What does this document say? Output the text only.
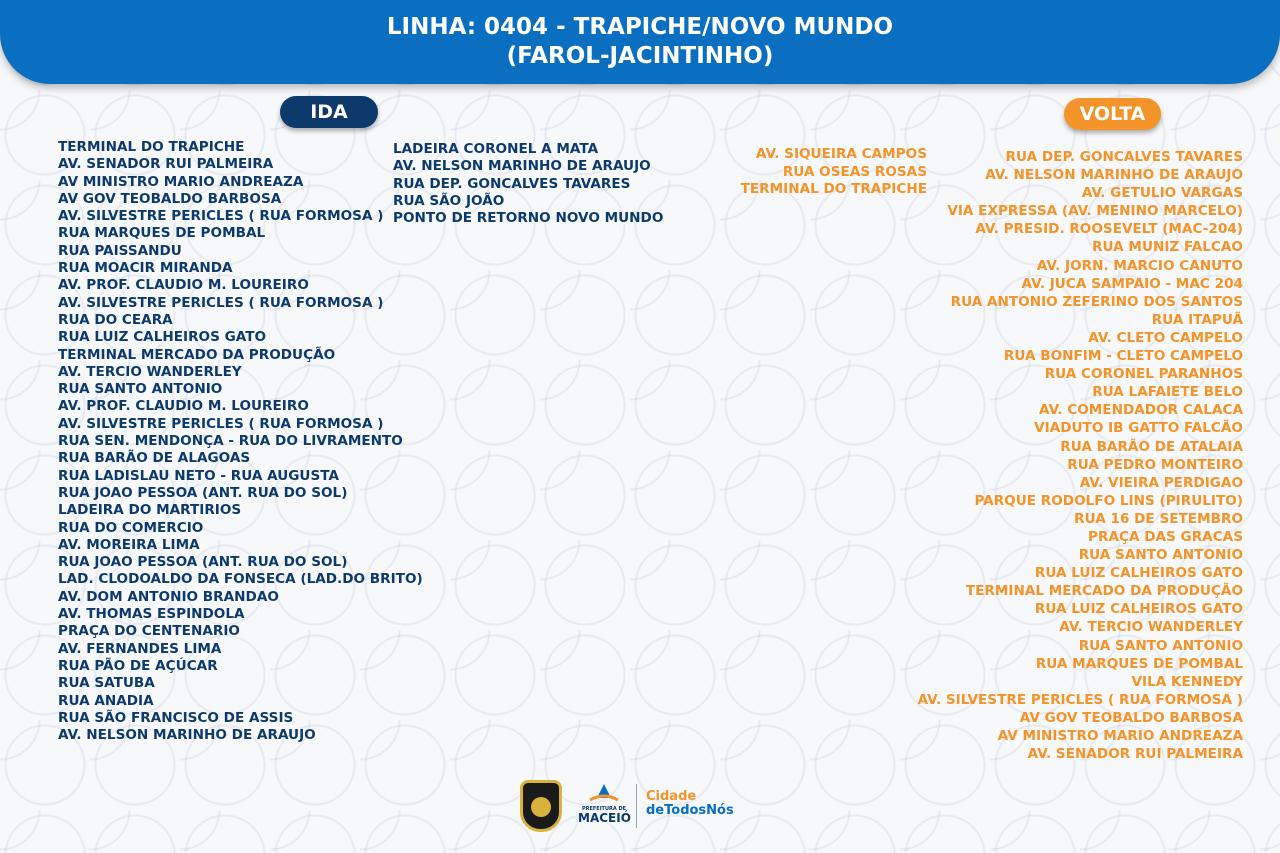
LINHA: 0404 - TRAPICHE/NOVO MUNDO
(FAROL-JACINTINHO)
IDA	VOLTA
TERMINAL DO TRAPICHE
AV. SENADOR RUI PALMEIRA
AV MINISTRO MARIO ANDREAZA
AV GOV TEOBALDO BARBOSA
AV. SILVESTRE PERICLES ( RUA FORMOSA )
RUA MARQUES DE POMBAL
RUA PAISSANDU
RUA MOACIR MIRANDA
AV. PROF. CLAUDIO M. LOUREIRO
AV. SILVESTRE PERICLES ( RUA FORMOSA )
RUA DO CEARA
RUA LUIZ CALHEIROS GATO
TERMINAL MERCADO DA PRODUÇÃO
AV. TERCIO WANDERLEY
RUA SANTO ANTONIO
AV. PROF. CLAUDIO M. LOUREIRO
AV. SILVESTRE PERICLES ( RUA FORMOSA )
RUA SEN. MENDONÇA - RUA DO LIVRAMENTO
RUA BARÃO DE ALAGOAS
RUA LADISLAU NETO - RUA AUGUSTA
RUA JOAO PESSOA (ANT. RUA DO SOL)
LADEIRA DO MARTIRIOS
RUA DO COMERCIO
AV. MOREIRA LIMA
RUA JOAO PESSOA (ANT. RUA DO SOL)
LAD. CLODOALDO DA FONSECA (LAD.DO BRITO)
AV. DOM ANTONIO BRANDAO
AV. THOMAS ESPINDOLA
PRAÇA DO CENTENARIO
AV. FERNANDES LIMA
RUA PÃO DE AÇÚCAR
RUA SATUBA
RUA ANADIA
RUA SÃO FRANCISCO DE ASSIS
AV. NELSON MARINHO DE ARAUJO
LADEIRA CORONEL A MATA
AV. NELSON MARINHO DE ARAUJO
RUA DEP. GONCALVES TAVARES
RUA SÃO JOÃO
PONTO DE RETORNO NOVO MUNDO
AV. SIQUEIRA CAMPOS
RUA OSEAS ROSAS
TERMINAL DO TRAPICHE
RUA DEP. GONCALVES TAVARES
AV. NELSON MARINHO DE ARAUJO
AV. GETULIO VARGAS
VIA EXPRESSA (AV. MENINO MARCELO)
AV. PRESID. ROOSEVELT (MAC-204)
RUA MUNIZ FALCAO
AV. JORN. MARCIO CANUTO
AV. JUCA SAMPAIO - MAC 204
RUA ANTONIO ZEFERINO DOS SANTOS
RUA ITAPUÃ
AV. CLETO CAMPELO
RUA BONFIM - CLETO CAMPELO
RUA CORONEL PARANHOS
RUA LAFAIETE BELO
AV. COMENDADOR CALACA
VIADUTO IB GATTO FALCÃO
RUA BARÃO DE ATALAIA
RUA PEDRO MONTEIRO
AV. VIEIRA PERDIGAO
PARQUE RODOLFO LINS (PIRULITO)
RUA 16 DE SETEMBRO
PRAÇA DAS GRACAS
RUA SANTO ANTONIO
RUA LUIZ CALHEIROS GATO
TERMINAL MERCADO DA PRODUÇÃO
RUA LUIZ CALHEIROS GATO
AV. TERCIO WANDERLEY
RUA SANTO ANTONIO
RUA MARQUES DE POMBAL
VILA KENNEDY
AV. SILVESTRE PERICLES ( RUA FORMOSA )
AV GOV TEOBALDO BARBOSA
AV MINISTRO MARIO ANDREAZA
AV. SENADOR RUI PALMEIRA
PREFEITURA DE
MACEIÓ
Cidade
deTodosNós
